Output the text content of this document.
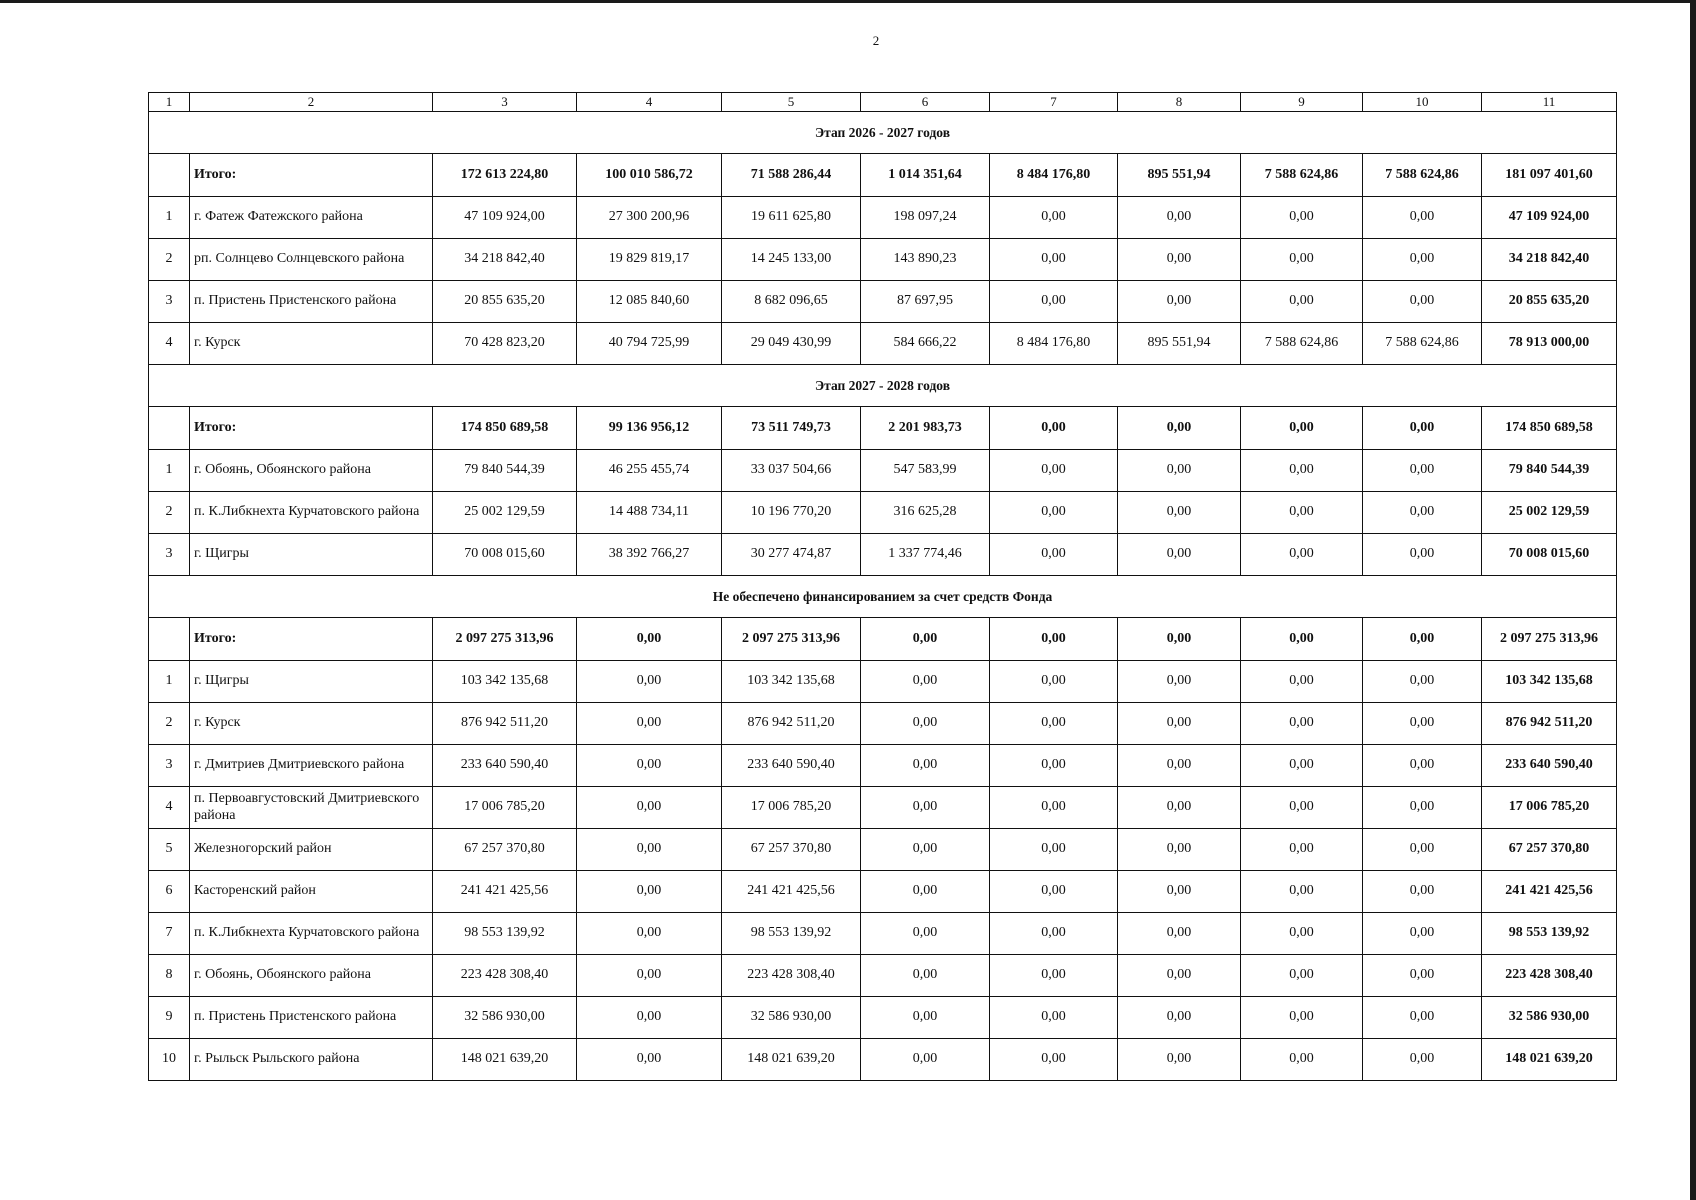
2
1	2	3	4	5	6	7	8	9	10	11
Этап 2026 - 2027 годов										
	Итого:	172 613 224,80	100 010 586,72	71 588 286,44	1 014 351,64	8 484 176,80	895 551,94	7 588 624,86	7 588 624,86	181 097 401,60
1	г. Фатеж Фатежского района	47 109 924,00	27 300 200,96	19 611 625,80	198 097,24	0,00	0,00	0,00	0,00	47 109 924,00
2	рп. Солнцево Солнцевского района	34 218 842,40	19 829 819,17	14 245 133,00	143 890,23	0,00	0,00	0,00	0,00	34 218 842,40
3	п. Пристень Пристенского района	20 855 635,20	12 085 840,60	8 682 096,65	87 697,95	0,00	0,00	0,00	0,00	20 855 635,20
4	г. Курск	70 428 823,20	40 794 725,99	29 049 430,99	584 666,22	8 484 176,80	895 551,94	7 588 624,86	7 588 624,86	78 913 000,00
Этап 2027 - 2028 годов										
	Итого:	174 850 689,58	99 136 956,12	73 511 749,73	2 201 983,73	0,00	0,00	0,00	0,00	174 850 689,58
1	г. Обоянь, Обоянского района	79 840 544,39	46 255 455,74	33 037 504,66	547 583,99	0,00	0,00	0,00	0,00	79 840 544,39
2	п. К.Либкнехта Курчатовского района	25 002 129,59	14 488 734,11	10 196 770,20	316 625,28	0,00	0,00	0,00	0,00	25 002 129,59
3	г. Щигры	70 008 015,60	38 392 766,27	30 277 474,87	1 337 774,46	0,00	0,00	0,00	0,00	70 008 015,60
Не обеспечено финансированием за счет средств Фонда										
	Итого:	2 097 275 313,96	0,00	2 097 275 313,96	0,00	0,00	0,00	0,00	0,00	2 097 275 313,96
1	г. Щигры	103 342 135,68	0,00	103 342 135,68	0,00	0,00	0,00	0,00	0,00	103 342 135,68
2	г. Курск	876 942 511,20	0,00	876 942 511,20	0,00	0,00	0,00	0,00	0,00	876 942 511,20
3	г. Дмитриев Дмитриевского района	233 640 590,40	0,00	233 640 590,40	0,00	0,00	0,00	0,00	0,00	233 640 590,40
4	п. Первоавгустовский Дмитриевского района	17 006 785,20	0,00	17 006 785,20	0,00	0,00	0,00	0,00	0,00	17 006 785,20
5	Железногорский район	67 257 370,80	0,00	67 257 370,80	0,00	0,00	0,00	0,00	0,00	67 257 370,80
6	Касторенский район	241 421 425,56	0,00	241 421 425,56	0,00	0,00	0,00	0,00	0,00	241 421 425,56
7	п. К.Либкнехта Курчатовского района	98 553 139,92	0,00	98 553 139,92	0,00	0,00	0,00	0,00	0,00	98 553 139,92
8	г. Обоянь, Обоянского района	223 428 308,40	0,00	223 428 308,40	0,00	0,00	0,00	0,00	0,00	223 428 308,40
9	п. Пристень Пристенского района	32 586 930,00	0,00	32 586 930,00	0,00	0,00	0,00	0,00	0,00	32 586 930,00
10	г. Рыльск Рыльского района	148 021 639,20	0,00	148 021 639,20	0,00	0,00	0,00	0,00	0,00	148 021 639,20
